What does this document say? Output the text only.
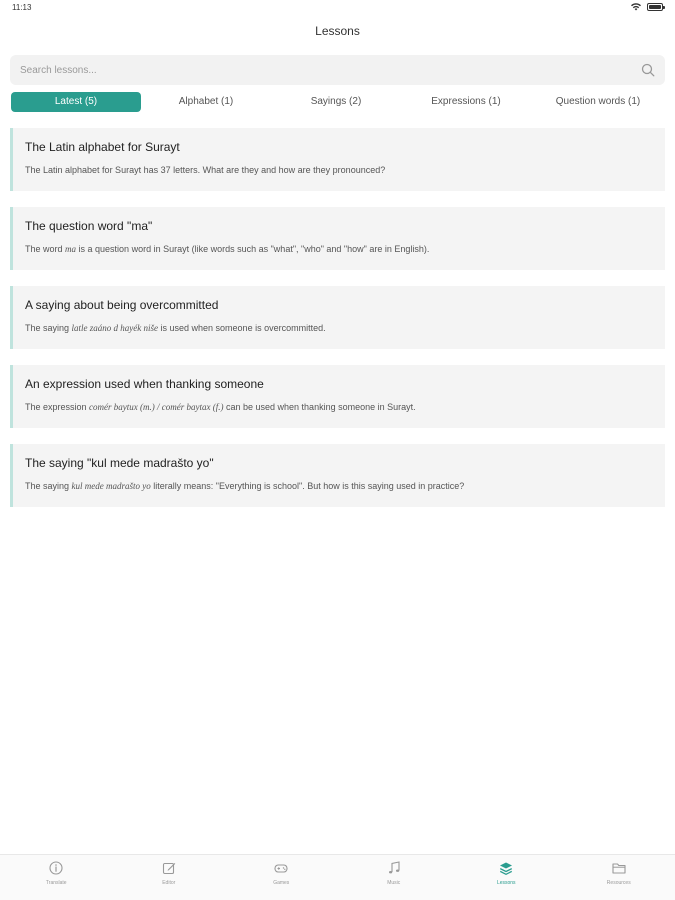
11:13
Lessons
Search lessons...
Latest (5)	Alphabet (1)	Sayings (2)	Expressions (1)	Question words (1)
The Latin alphabet for Surayt
The Latin alphabet for Surayt has 37 letters. What are they and how are they pronounced?
The question word "ma"
The word ma is a question word in Surayt (like words such as "what", "who" and "how" are in English).
A saying about being overcommitted
The saying latle zaáno d hayék niše is used when someone is overcommitted.
An expression used when thanking someone
The expression comér baytux (m.) / comér baytax (f.) can be used when thanking someone in Surayt.
The saying "kul mede madrašto yo"
The saying kul mede madrašto yo literally means: "Everything is school". But how is this saying used in practice?
Translate	Editor	Games	Music	Lessons	Resources
